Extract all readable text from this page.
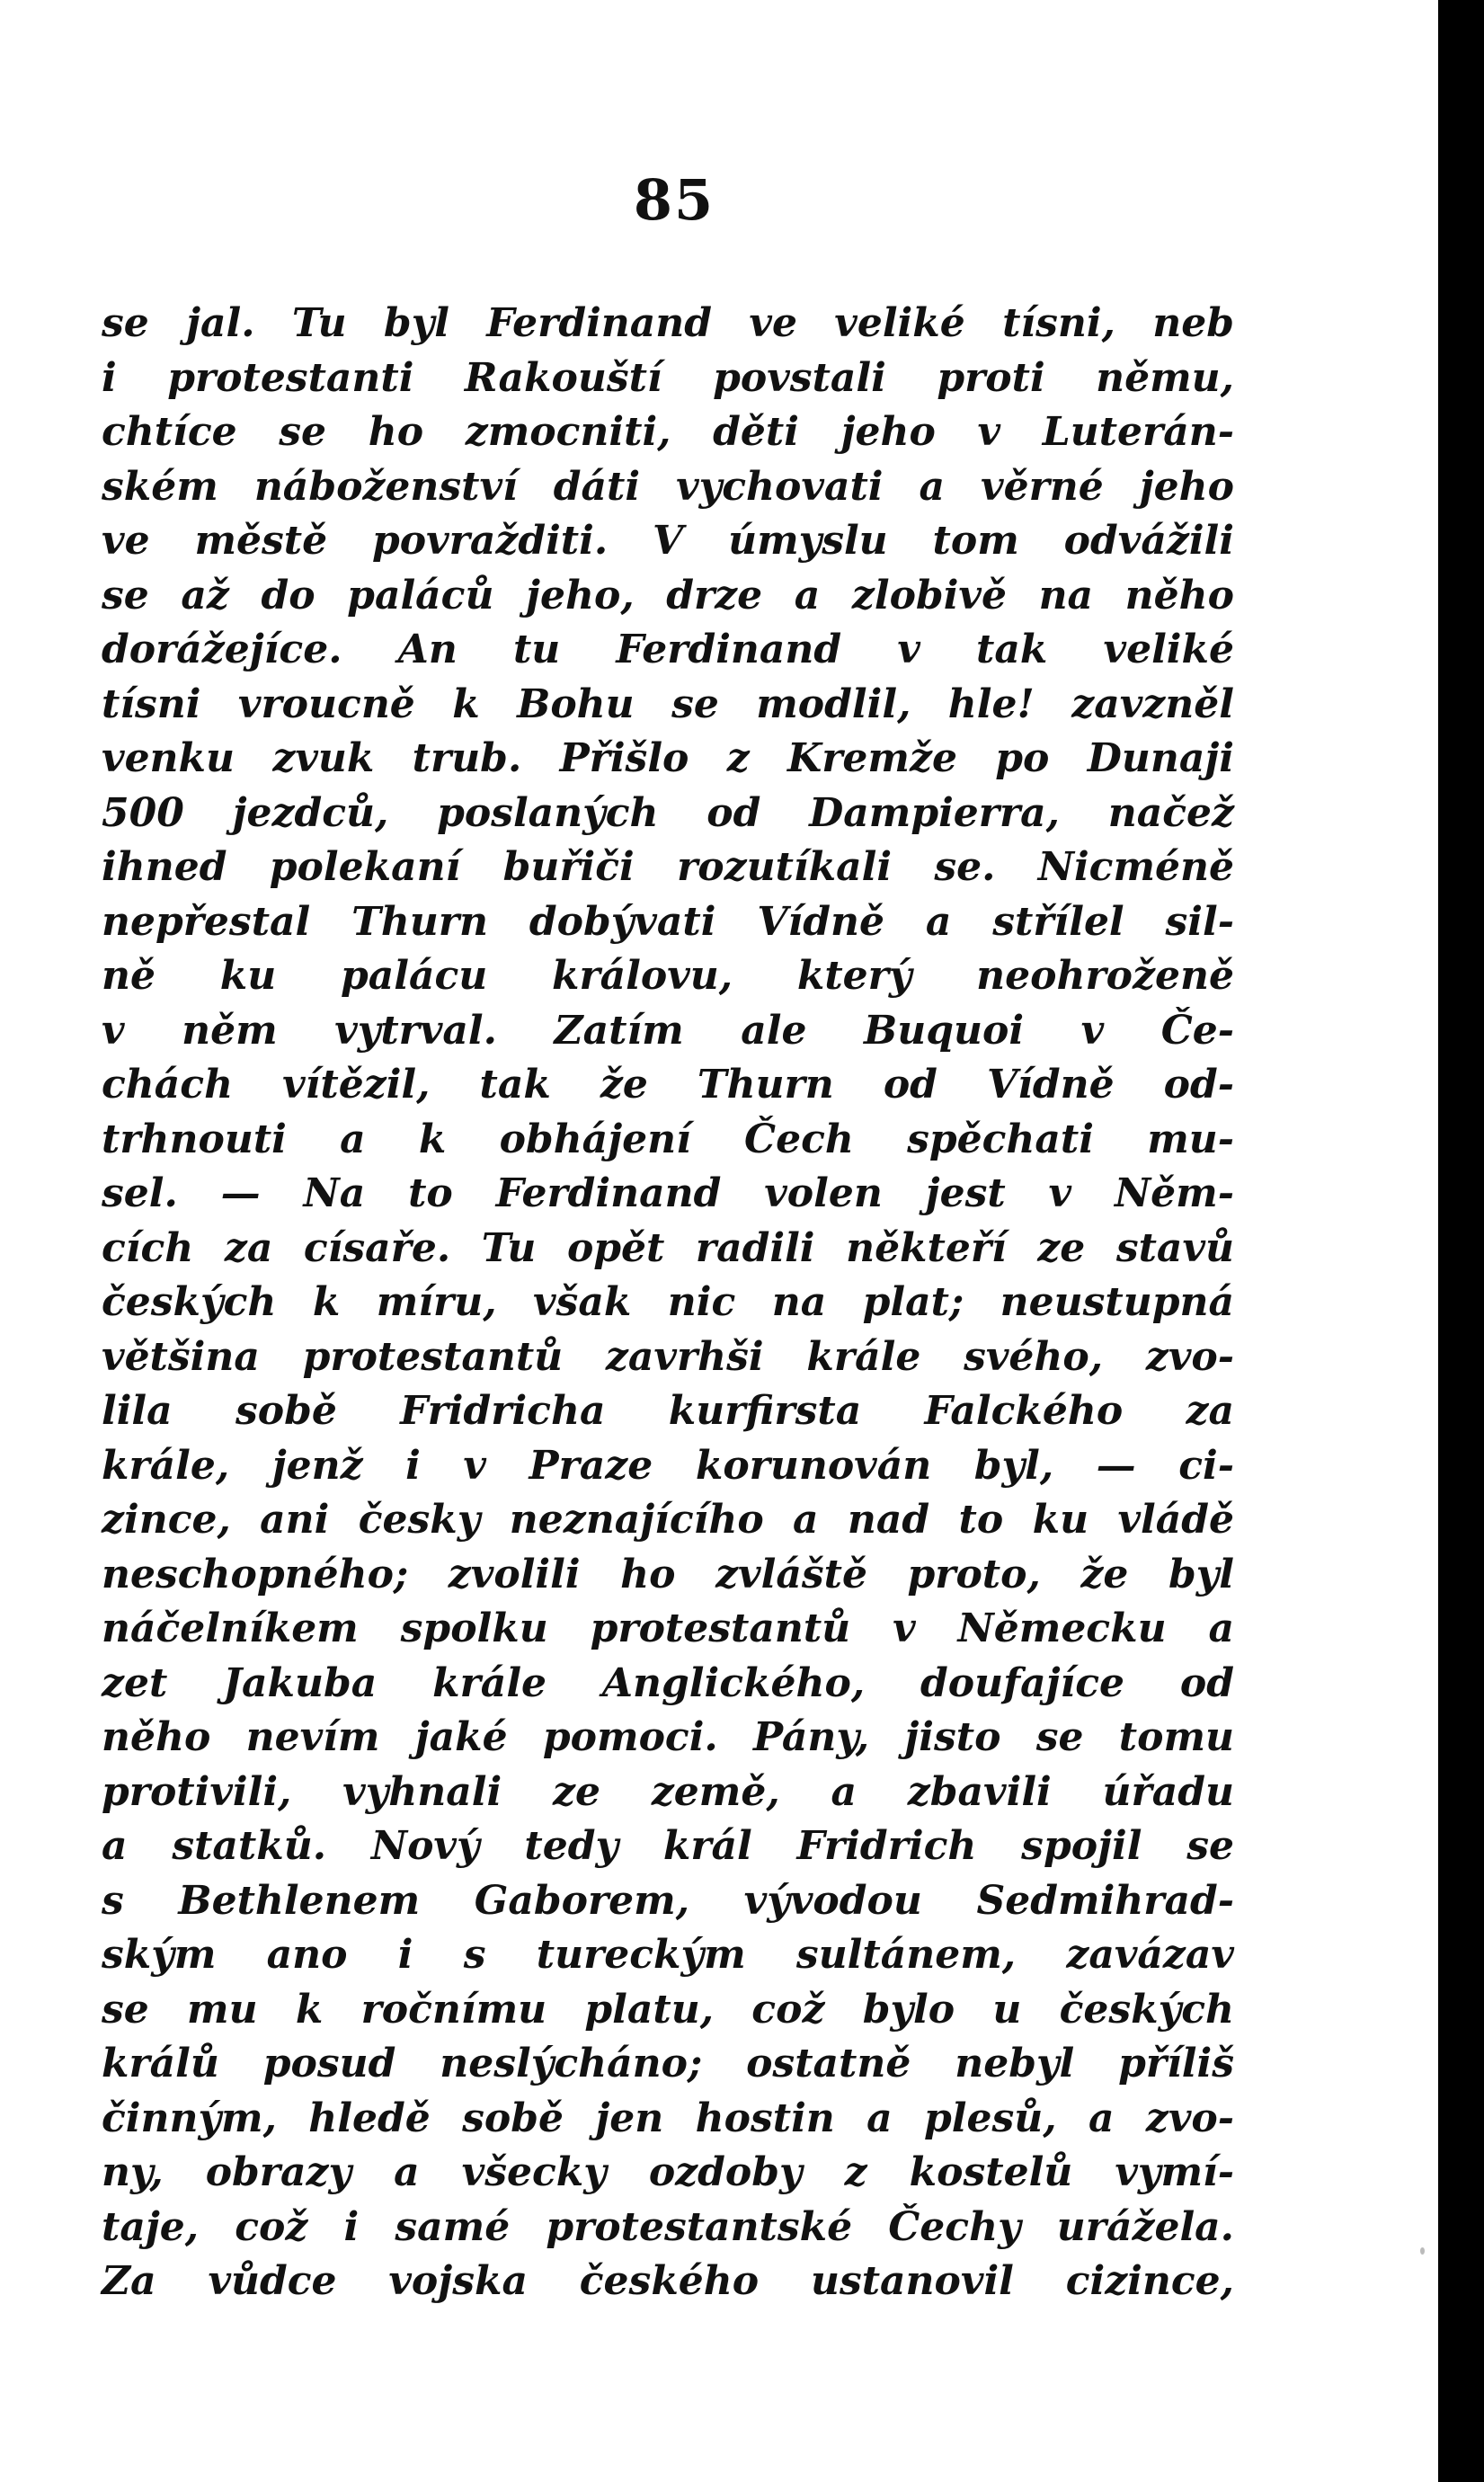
85
se jal. Tu byl Ferdinand ve veliké tísni, neb
i protestanti Rakouští povstali proti němu,
chtíce se ho zmocniti, děti jeho v Luterán-
ském náboženství dáti vychovati a věrné jeho
ve městě povražditi. V úmyslu tom odvážili
se až do paláců jeho, drze a zlobivě na něho
dorážejíce. An tu Ferdinand v tak veliké
tísni vroucně k Bohu se modlil, hle! zavzněl
venku zvuk trub. Přišlo z Kremže po Dunaji
500 jezdců, poslaných od Dampierra, načež
ihned polekaní buřiči rozutíkali se. Nicméně
nepřestal Thurn dobývati Vídně a střílel sil-
ně ku palácu královu, který neohroženě
v něm vytrval. Zatím ale Buquoi v Če-
chách vítězil, tak že Thurn od Vídně od-
trhnouti a k obhájení Čech spěchati mu-
sel. — Na to Ferdinand volen jest v Něm-
cích za císaře. Tu opět radili někteří ze stavů
českých k míru, však nic na plat; neustupná
většina protestantů zavrhši krále svého, zvo-
lila sobě Fridricha kurfirsta Falckého za
krále, jenž i v Praze korunován byl, — ci-
zince, ani česky neznajícího a nad to ku vládě
neschopného; zvolili ho zvláště proto, že byl
náčelníkem spolku protestantů v Německu a
zet Jakuba krále Anglického, doufajíce od
něho nevím jaké pomoci. Pány, jisto se tomu
protivili, vyhnali ze země, a zbavili úřadu
a statků. Nový tedy král Fridrich spojil se
s Bethlenem Gaborem, vývodou Sedmihrad-
ským ano i s tureckým sultánem, zavázav
se mu k ročnímu platu, což bylo u českých
králů posud neslýcháno; ostatně nebyl příliš
činným, hledě sobě jen hostin a plesů, a zvo-
ny, obrazy a všecky ozdoby z kostelů vymí-
taje, což i samé protestantské Čechy urážela.
Za vůdce vojska českého ustanovil cizince,
